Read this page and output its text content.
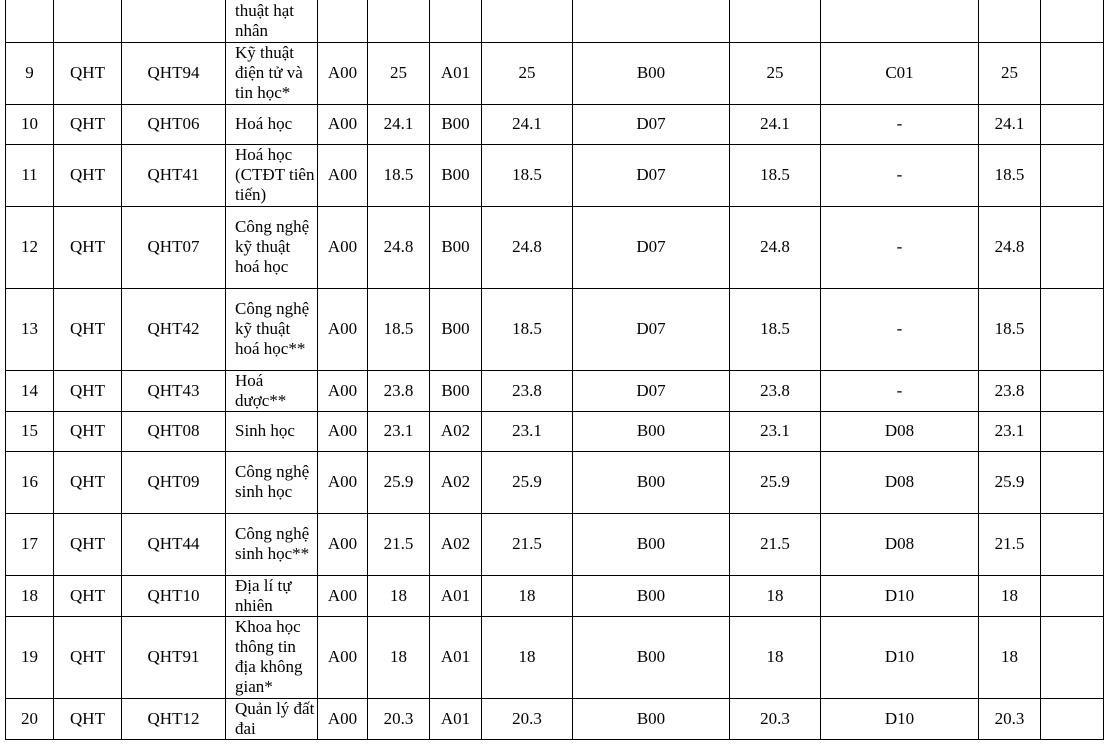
			thuật hạt nhân									
9	QHT	QHT94	Kỹ thuật điện tử và tin học*	A00	25	A01	25	B00	25	C01	25	
10	QHT	QHT06	Hoá học	A00	24.1	B00	24.1	D07	24.1	-	24.1	
11	QHT	QHT41	Hoá học (CTĐT tiên tiến)	A00	18.5	B00	18.5	D07	18.5	-	18.5	
12	QHT	QHT07	Công nghệ kỹ thuật hoá học	A00	24.8	B00	24.8	D07	24.8	-	24.8	
13	QHT	QHT42	Công nghệ kỹ thuật hoá học**	A00	18.5	B00	18.5	D07	18.5	-	18.5	
14	QHT	QHT43	Hoá dược**	A00	23.8	B00	23.8	D07	23.8	-	23.8	
15	QHT	QHT08	Sinh học	A00	23.1	A02	23.1	B00	23.1	D08	23.1	
16	QHT	QHT09	Công nghệ sinh học	A00	25.9	A02	25.9	B00	25.9	D08	25.9	
17	QHT	QHT44	Công nghệ sinh học**	A00	21.5	A02	21.5	B00	21.5	D08	21.5	
18	QHT	QHT10	Địa lí tự nhiên	A00	18	A01	18	B00	18	D10	18	
19	QHT	QHT91	Khoa học thông tin địa không gian*	A00	18	A01	18	B00	18	D10	18	
20	QHT	QHT12	Quản lý đất đai	A00	20.3	A01	20.3	B00	20.3	D10	20.3	
